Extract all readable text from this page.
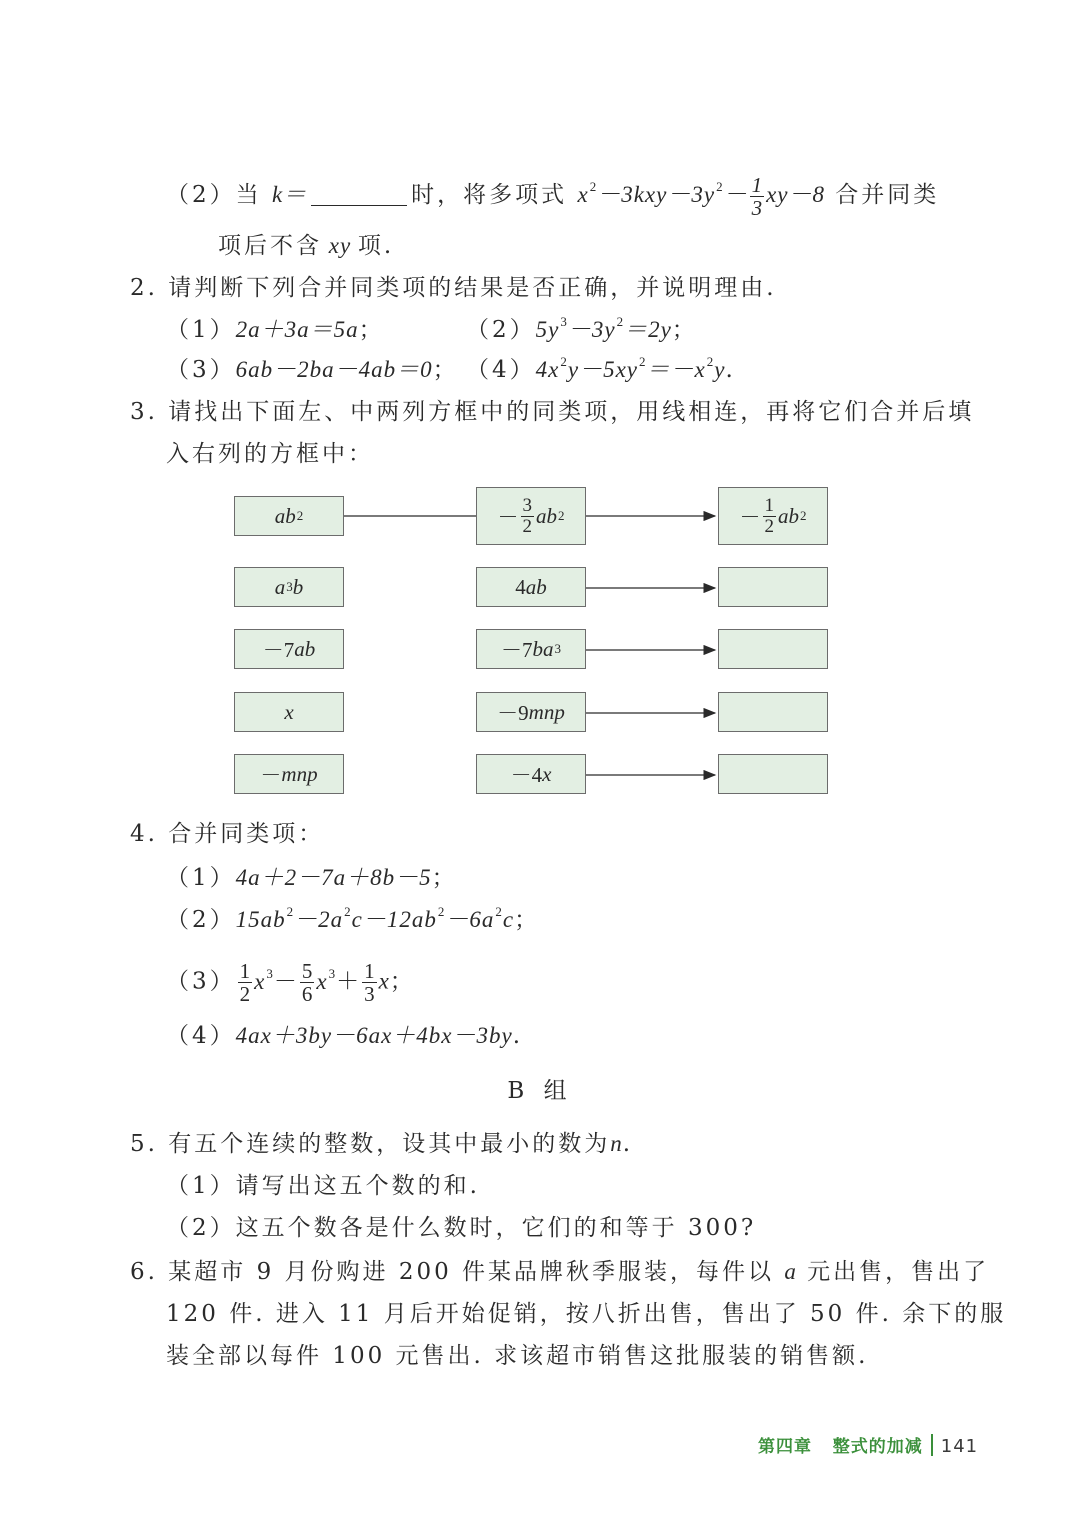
（2）当 k＝	时，将多项式 $x^2-3kxy-3y^2- \frac{1}{3} xy-8$ 合并同类
项后不含 xy 项.
2. 请判断下列合并同类项的结果是否正确，并说明理由.
（1）2a＋3a＝5a；	$(2)5y^3-3y^2=2y$；
（3）6ab－2ba－4ab＝0； $(4)4x^2y-5xy^2=-x^2y$.
3. 请找出下面左、中两列方框中的同类项，用线相连，再将它们合并后填
入右列的方框中：
ab 2
a 3 b
－7 ab
x
－ mnp
－ $\frac{3}{2}$ ab 2
4 ab
－7 ba 3
－9 mnp
－4 x
－ $\frac{1}{2}$ ab 2
4. 合并同类项：
（1）4a＋2－7a＋8b－5；
$(2)15ab^2-2a^2c-12ab^2-6a^2c$；
$(3) \frac{1}{2} x^3- \frac{5}{6} x^3+ \frac{1}{3}$ x；
（4）4ax＋3by－6ax＋4bx－3by.
B 组
5. 有五个连续的整数，设其中最小的数为n.
（1）请写出这五个数的和.
（2）这五个数各是什么数时，它们的和等于 300?
6. 某超市 9 月份购进 200 件某品牌秋季服装，每件以 a 元出售，售出了
120 件. 进入 11 月后开始促销，按八折出售，售出了 50 件. 余下的服
装全部以每件 100 元售出. 求该超市销售这批服装的销售额.
第四章 整式的加减 141
